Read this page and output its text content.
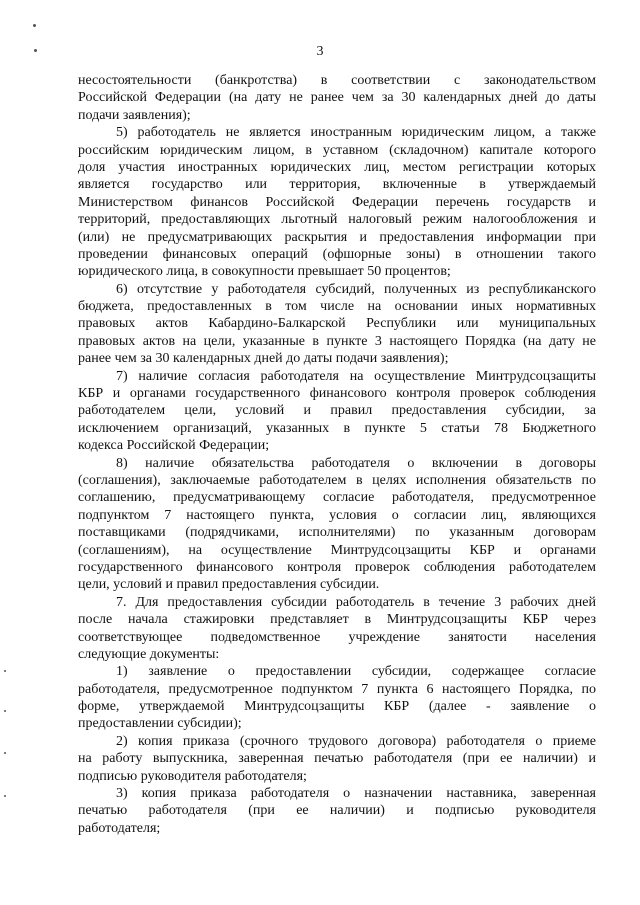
3
несостоятельности (банкротства) в соответствии с законодательством
Российской Федерации (на дату не ранее чем за 30 календарных дней до даты
подачи заявления);
5) работодатель не является иностранным юридическим лицом, а также
российским юридическим лицом, в уставном (складочном) капитале которого
доля участия иностранных юридических лиц, местом регистрации которых
является государство или территория, включенные в утверждаемый
Министерством финансов Российской Федерации перечень государств и
территорий, предоставляющих льготный налоговый режим налогообложения и
(или) не предусматривающих раскрытия и предоставления информации при
проведении финансовых операций (офшорные зоны) в отношении такого
юридического лица, в совокупности превышает 50 процентов;
6) отсутствие у работодателя субсидий, полученных из республиканского
бюджета, предоставленных в том числе на основании иных нормативных
правовых актов Кабардино-Балкарской Республики или муниципальных
правовых актов на цели, указанные в пункте 3 настоящего Порядка (на дату не
ранее чем за 30 календарных дней до даты подачи заявления);
7) наличие согласия работодателя на осуществление Минтрудсоцзащиты
КБР и органами государственного финансового контроля проверок соблюдения
работодателем цели, условий и правил предоставления субсидии, за
исключением организаций, указанных в пункте 5 статьи 78 Бюджетного
кодекса Российской Федерации;
8) наличие обязательства работодателя о включении в договоры
(соглашения), заключаемые работодателем в целях исполнения обязательств по
соглашению, предусматривающему согласие работодателя, предусмотренное
подпунктом 7 настоящего пункта, условия о согласии лиц, являющихся
поставщиками (подрядчиками, исполнителями) по указанным договорам
(соглашениям), на осуществление Минтрудсоцзащиты КБР и органами
государственного финансового контроля проверок соблюдения работодателем
цели, условий и правил предоставления субсидии.
7. Для предоставления субсидии работодатель в течение 3 рабочих дней
после начала стажировки представляет в Минтрудсоцзащиты КБР через
соответствующее подведомственное учреждение занятости населения
следующие документы:
1) заявление о предоставлении субсидии, содержащее согласие
работодателя, предусмотренное подпунктом 7 пункта 6 настоящего Порядка, по
форме, утверждаемой Минтрудсоцзащиты КБР (далее - заявление о
предоставлении субсидии);
2) копия приказа (срочного трудового договора) работодателя о приеме
на работу выпускника, заверенная печатью работодателя (при ее наличии) и
подписью руководителя работодателя;
3) копия приказа работодателя о назначении наставника, заверенная
печатью работодателя (при ее наличии) и подписью руководителя
работодателя;
